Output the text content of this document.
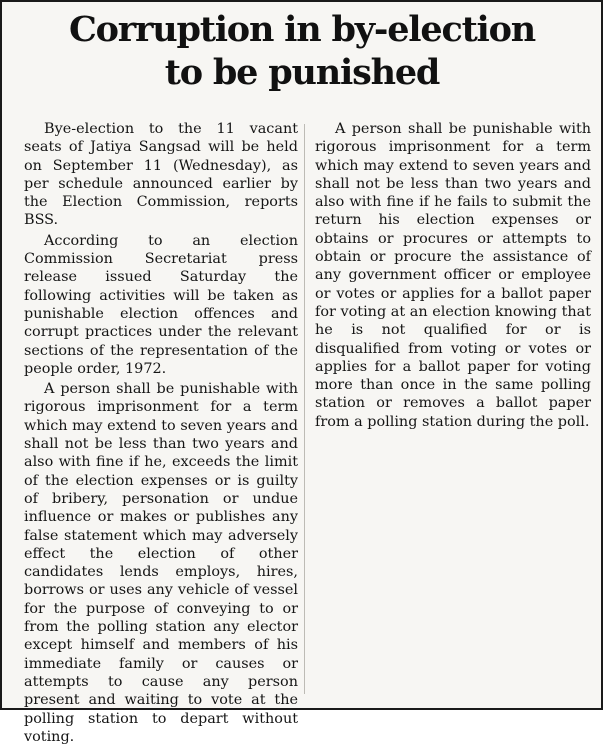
Corruption in by-election
to be punished

Bye-election to the 11 vacant seats of Jatiya Sangsad will be held on September 11 (Wednesday), as per schedule announced earlier by the Election Commission, reports BSS.

According to an election Commission Secretariat press release issued Saturday the following activities will be taken as punishable election offences and corrupt practices under the relevant sections of the representation of the people order, 1972.

A person shall be punishable with rigorous imprisonment for a term which may extend to seven years and shall not be less than two years and also with fine if he, exceeds the limit of the election expenses or is guilty of bribery, personation or undue influence or makes or publishes any false statement which may adversely effect the election of other candidates lends employs, hires, borrows or uses any vehicle of vessel for the purpose of conveying to or from the polling station any elector except himself and members of his immediate family or causes or attempts to cause any person present and waiting to vote at the polling station to depart without voting.

A person shall be punishable with rigorous imprisonment for a term which may extend to seven years and shall not be less than two years and also with fine if he fails to submit the return his election expenses or obtains or procures or attempts to obtain or procure the assistance of any government officer or employee or votes or applies for a ballot paper for voting at an election knowing that he is not qualified for or is disqualified from voting or votes or applies for a ballot paper for voting more than once in the same polling station or removes a ballot paper from a polling station during the poll.
